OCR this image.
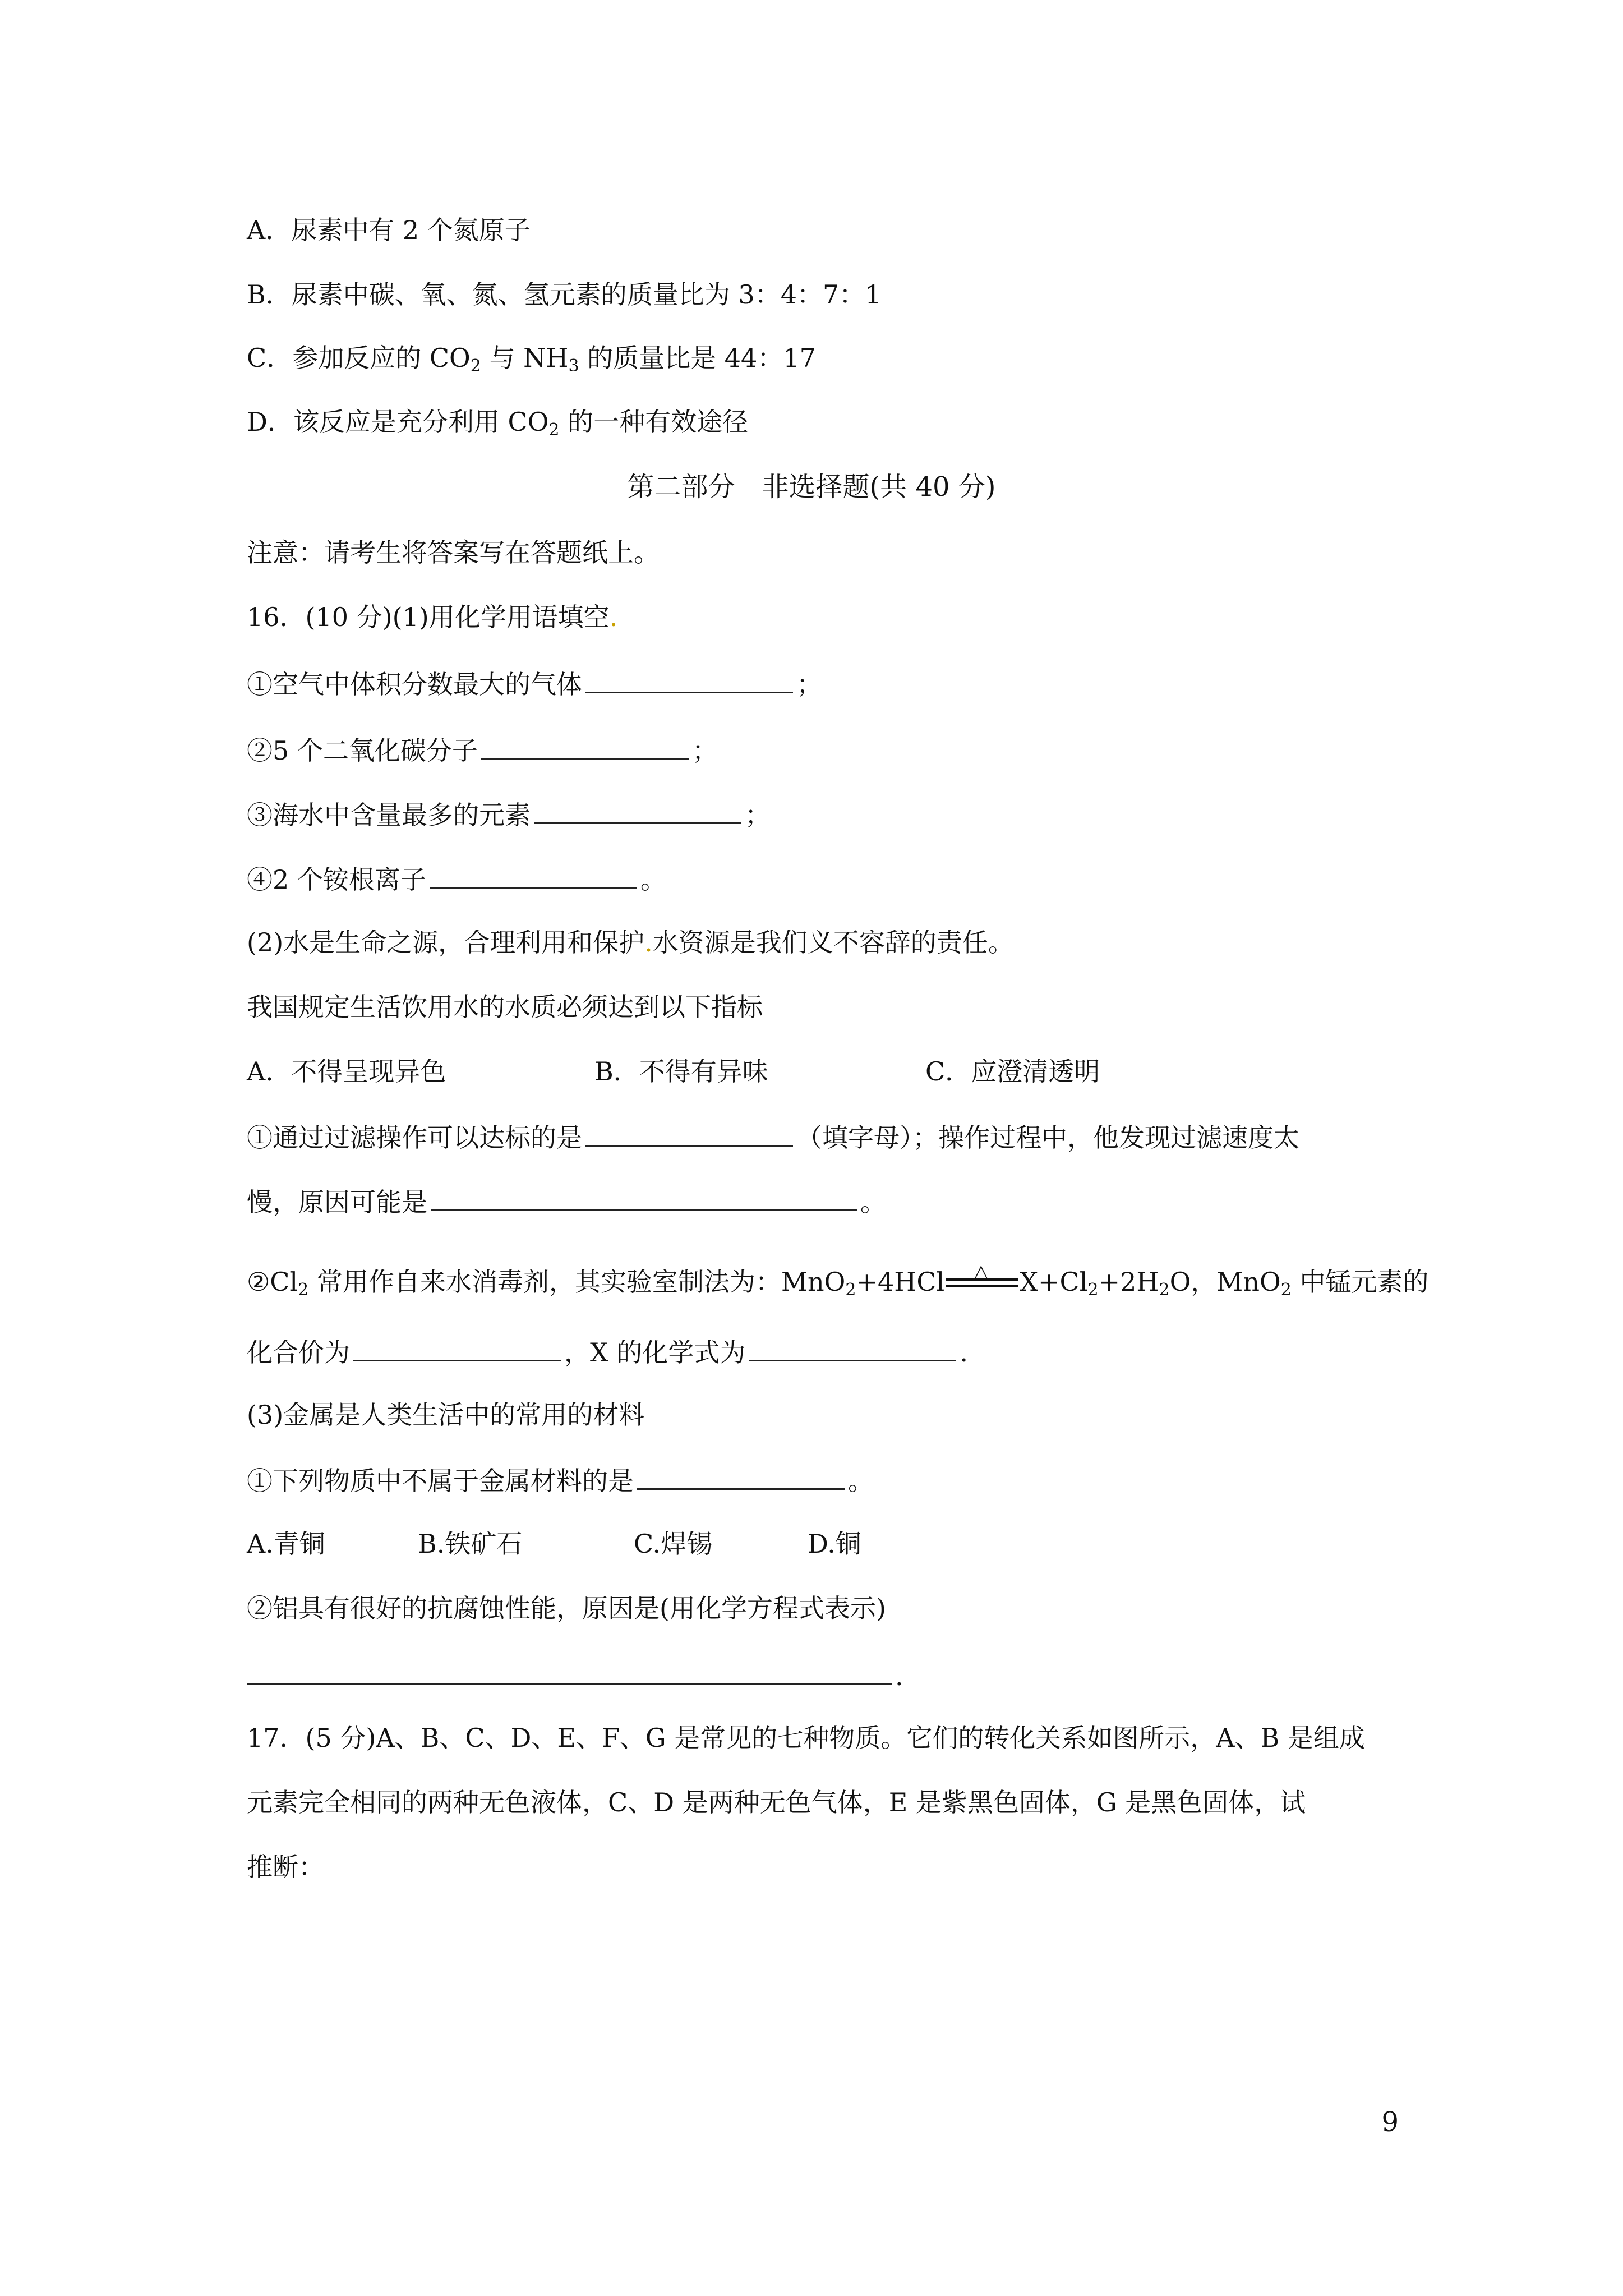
A．尿素中有 2 个氮原子
B．尿素中碳、氧、氮、氢元素的质量比为 3：4：7：1
C．参加反应的 $CO_2$ 与 $NH_3$ 的质量比是 44：17
D．该反应是充分利用 $CO_2$ 的一种有效途径
第二部分　非选择题(共 40 分)
注意：请考生将答案写在答题纸上。
16．(10 分)(1)用化学用语填空.
①空气中体积分数最大的气体	；
②5 个二氧化碳分子	；
③海水中含量最多的元素	；
④2 个铵根离子	。
(2)水是生命之源，合理利用和保护.水资源是我们义不容辞的责任。
我国规定生活饮用水的水质必须达到以下指标
A．不得呈现异色	B．不得有异味	C．应澄清透明
①通过过滤操作可以达标的是	（填字母）；操作过程中，他发现过滤速度太
慢，原因可能是	。
$②Cl_2$ 常用作自来水消毒剂，其实验室制法为：MnO$_2$+4HCl △ $X+Cl_2+2H_2O$，MnO$_2$ 中锰元素的
化合价为	，X 的化学式为	.
(3)金属是人类生活中的常用的材料
①下列物质中不属于金属材料的是	。
A.青铜	B.铁矿石	C.焊锡	D.铜
②铝具有很好的抗腐蚀性能，原因是(用化学方程式表示)
.
17．(5 分)A、B、C、D、E、F、G 是常见的七种物质。它们的转化关系如图所示，A、B 是组成
元素完全相同的两种无色液体，C、D 是两种无色气体，E 是紫黑色固体，G 是黑色固体，试
推断：
9
